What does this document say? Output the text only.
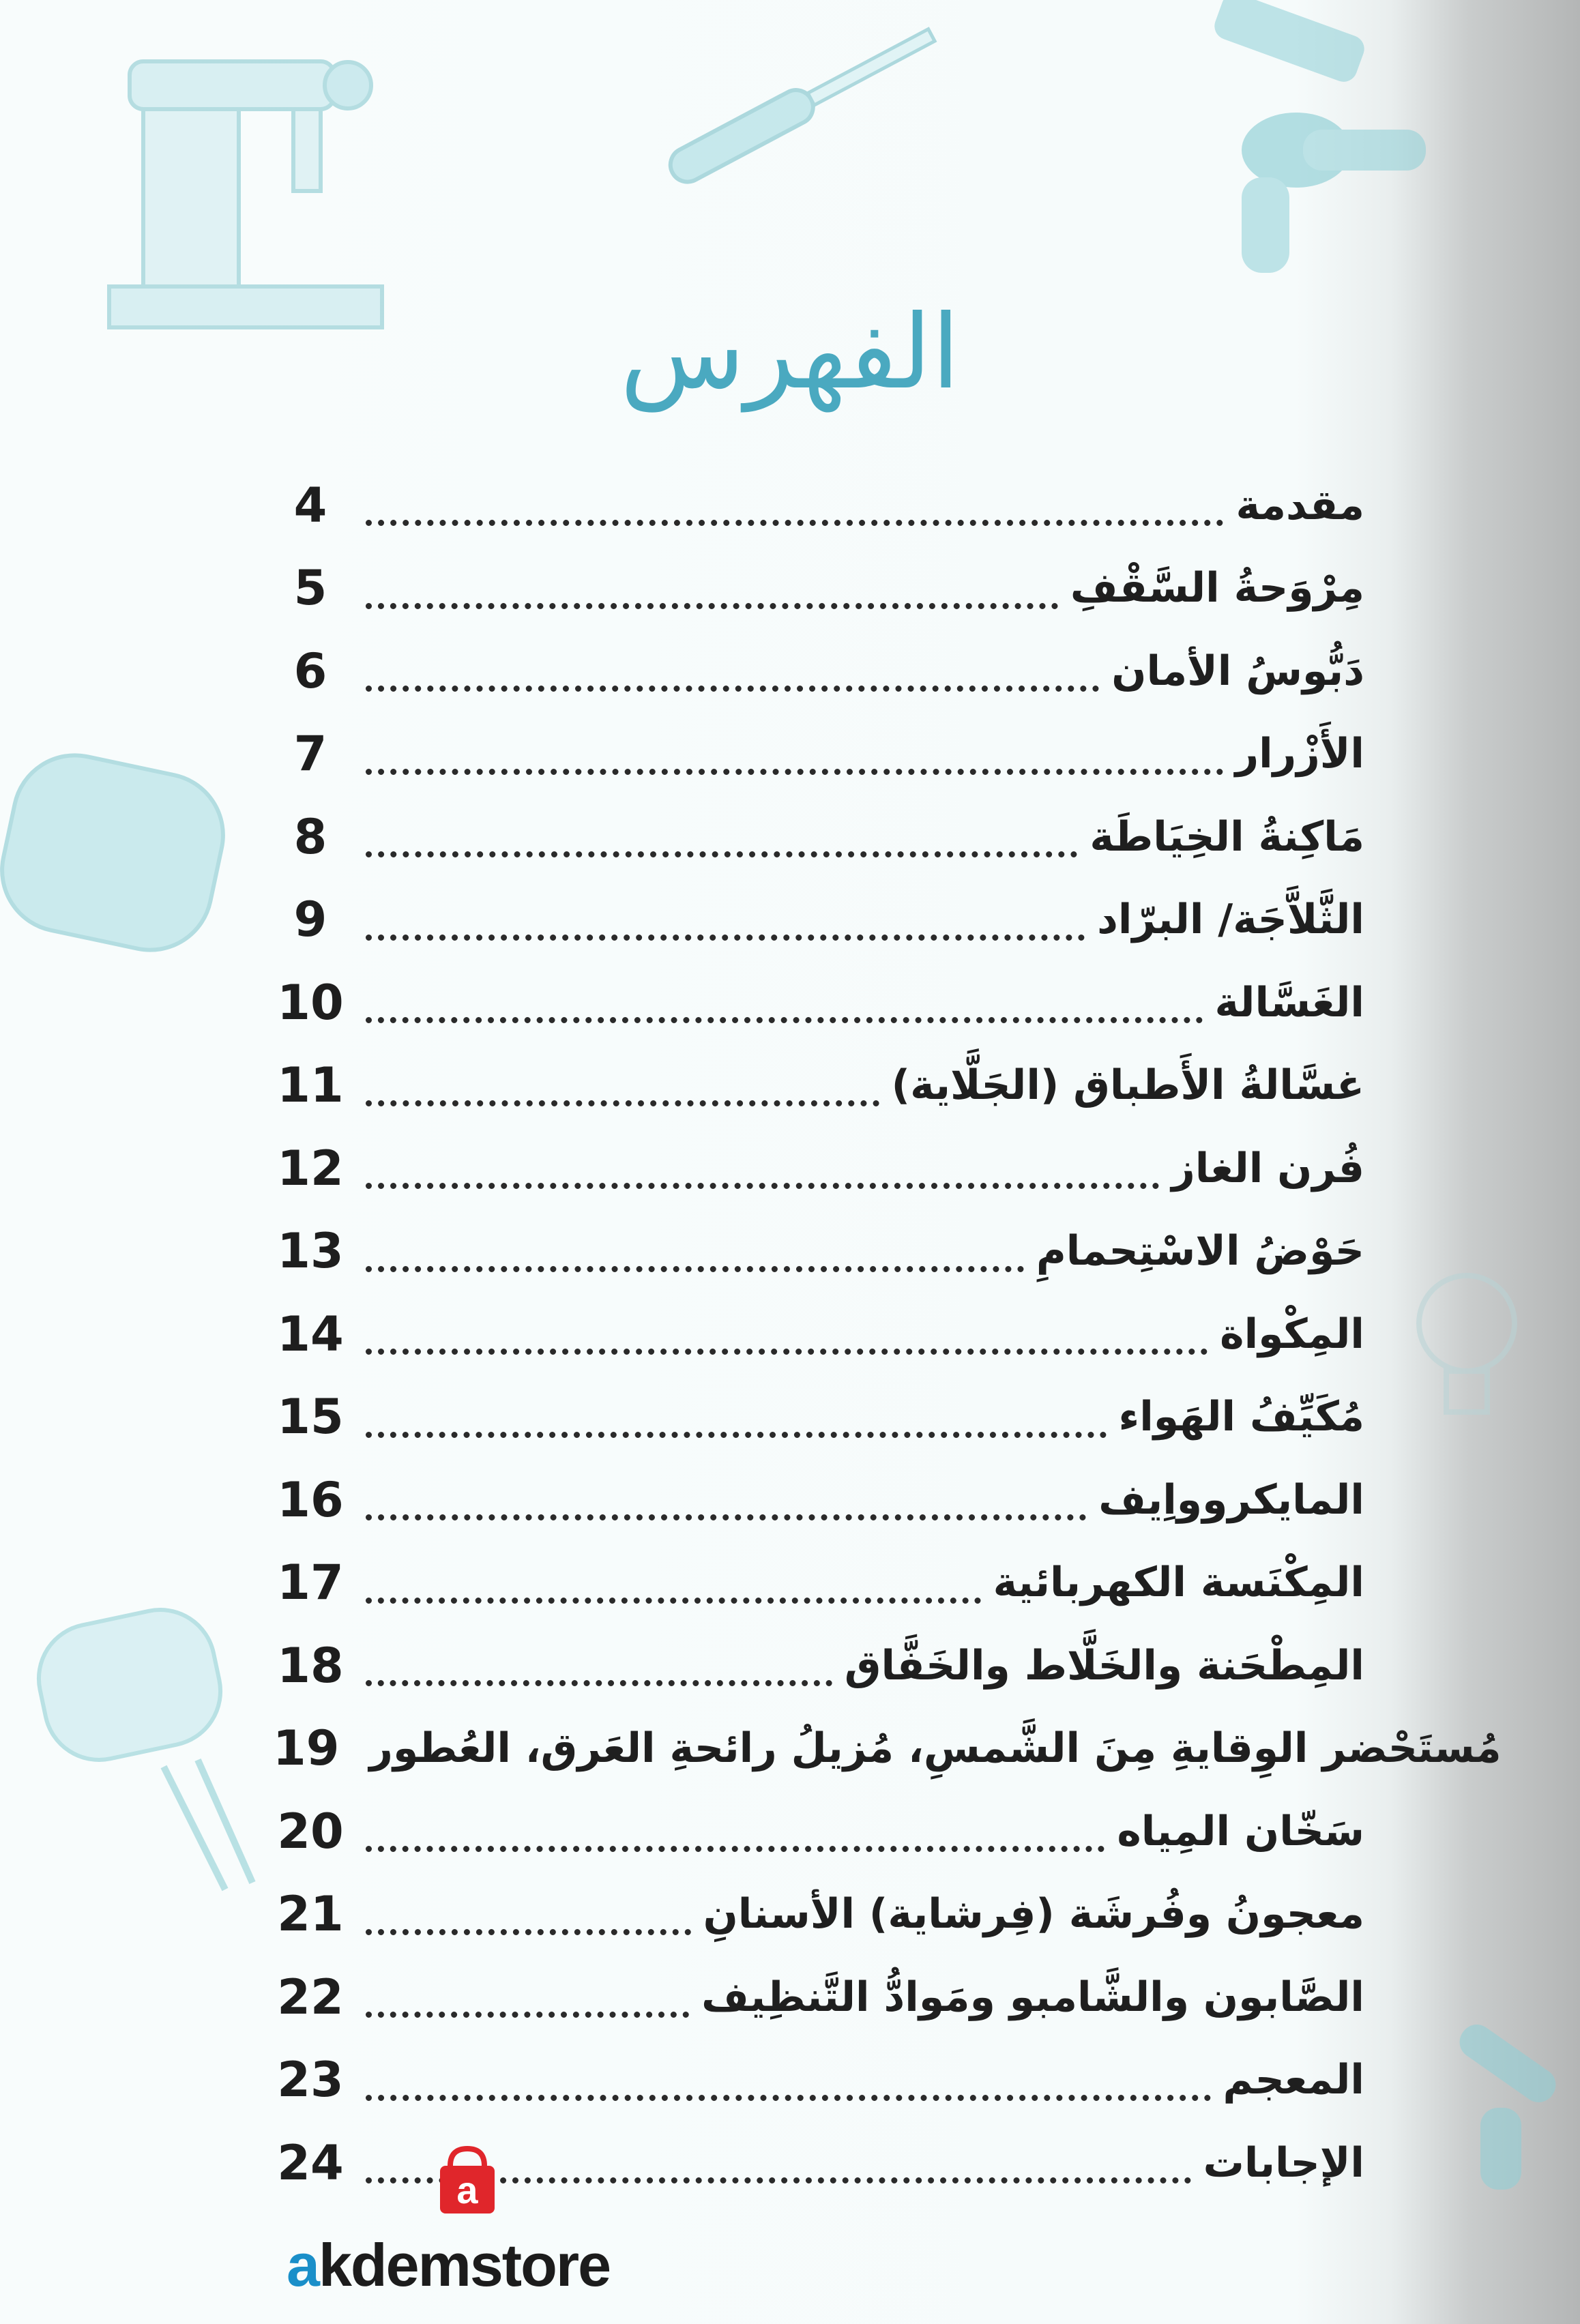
الفهرس
4	مقدمة
5	مِرْوَحةُ السَّقْفِ
6	دَبُّوسُ الأمان
7	الأَزْرار
8	مَاكِنةُ الخِيَاطَة
9	الثَّلاَّجَة/ البرّاد
10	الغَسَّالة
11	غسَّالةُ الأَطباق (الجَلَّاية)
12	فُرن الغاز
13	حَوْضُ الاسْتِحمامِ
14	المِكْواة
15	مُكَيِّفُ الهَواء
16	المايكروواِيف
17	المِكْنَسة الكهربائية
18	المِطْحَنة والخَلَّاط والخَفَّاق
19 مُستَحْضر الوِقايةِ مِنَ الشَّمسِ، مُزيلُ رائحةِ العَرق، العُطور
20	سَخّان المِياه
21	معجونُ وفُرشَة (فِرشاية) الأسنانِ
22	الصَّابون والشَّامبو ومَوادُّ التَّنظِيف
23	المعجم
24	الإجابات
a
akdemstore
